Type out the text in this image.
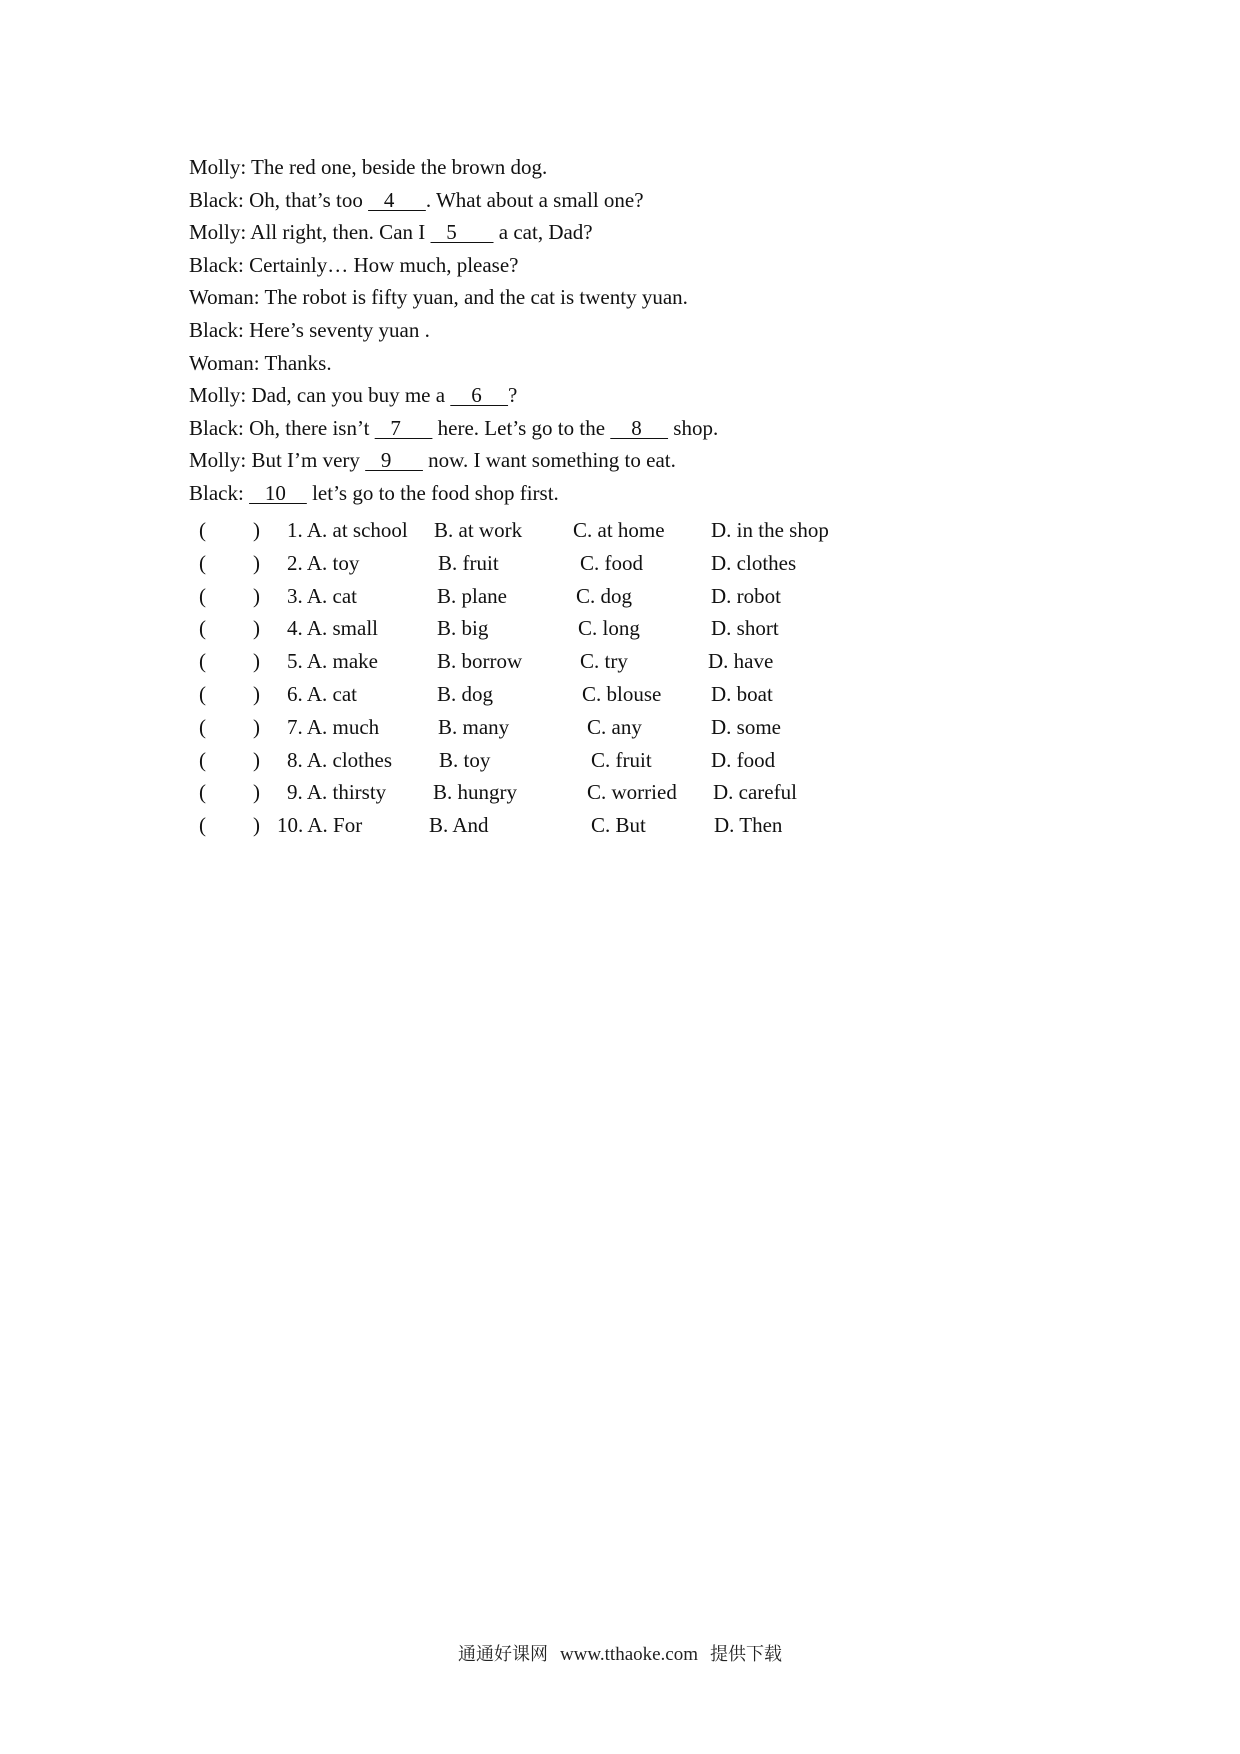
Molly: The red one, beside the brown dog.
Black: Oh, that’s too    4      . What about a small one?
Molly: All right, then. Can I    5        a cat, Dad?
Black: Certainly… How much, please?
Woman: The robot is fifty yuan, and the cat is twenty yuan.
Black: Here’s seventy yuan .
Woman: Thanks.
Molly: Dad, can you buy me a     6     ?
Black: Oh, there isn’t    7       here. Let’s go to the     8      shop.
Molly: But I’m very    9       now. I want something to eat.
Black:    10     let’s go to the food shop first.
( ) 1. A. at school B. at work C. at home D. in the shop
( ) 2. A. toy	B. fruit	C. food	D. clothes
( ) 3. A. cat	B. plane	C. dog	D. robot
( ) 4. A. small	B. big	C. long	D. short
( ) 5. A. make	B. borrow	C. try	D. have
( ) 6. A. cat	B. dog	C. blouse D. boat
( ) 7. A. much	B. many	C. any	D. some
( ) 8. A. clothes B. toy	C. fruit	D. food
( ) 9. A. thirsty B. hungry	C. worried D. careful
( ) 10. A. For	B. And	C. But	D. Then
通通好课网 www.tthaoke.com 提供下载
